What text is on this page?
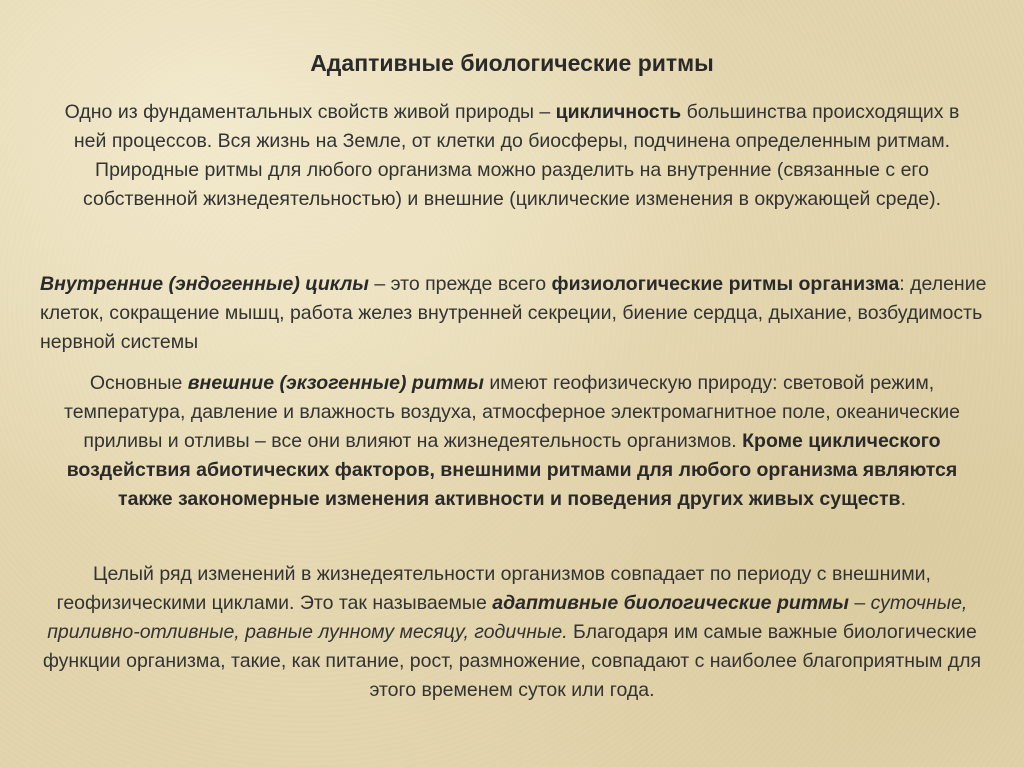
Адаптивные биологические ритмы

Одно из фундаментальных свойств живой природы – цикличность большинства происходящих в ней процессов. Вся жизнь на Земле, от клетки до биосферы, подчинена определенным ритмам. Природные ритмы для любого организма можно разделить на внутренние (связанные с его собственной жизнедеятельностью) и внешние (циклические изменения в окружающей среде).

Внутренние (эндогенные) циклы – это прежде всего физиологические ритмы организма: деление клеток, сокращение мышц, работа желез внутренней секреции, биение сердца, дыхание, возбудимость нервной системы

Основные внешние (экзогенные) ритмы имеют геофизическую природу: световой режим, температура, давление и влажность воздуха, атмосферное электромагнитное поле, океанические приливы и отливы – все они влияют на жизнедеятельность организмов. Кроме циклического воздействия абиотических факторов, внешними ритмами для любого организма являются также закономерные изменения активности и поведения других живых существ.

Целый ряд изменений в жизнедеятельности организмов совпадает по периоду с внешними, геофизическими циклами. Это так называемые адаптивные биологические ритмы – суточные, приливно-отливные, равные лунному месяцу, годичные. Благодаря им самые важные биологические функции организма, такие, как питание, рост, размножение, совпадают с наиболее благоприятным для этого временем суток или года.
